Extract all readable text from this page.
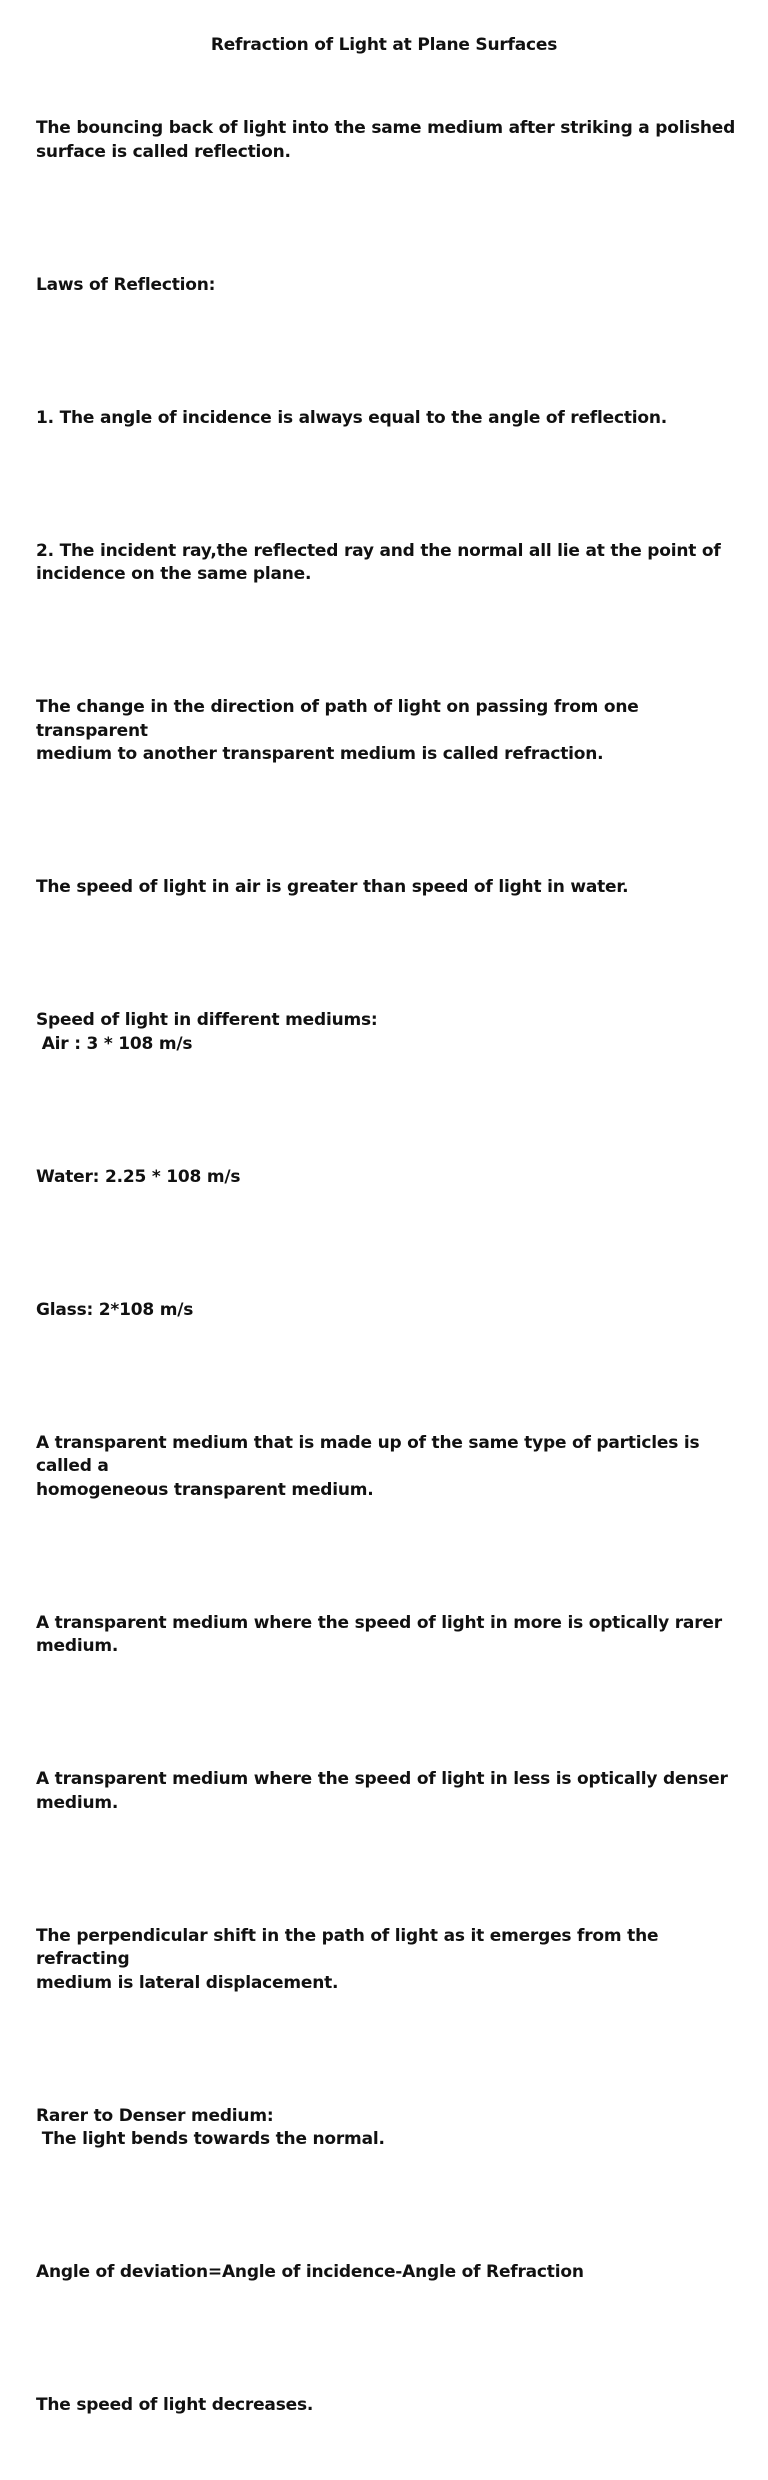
Refraction of Light at Plane Surfaces

The bouncing back of light into the same medium after striking a polished
surface is called reflection.

Laws of Reflection:

1. The angle of incidence is always equal to the angle of reflection.

2. The incident ray,the reflected ray and the normal all lie at the point of
incidence on the same plane.

The change in the direction of path of light on passing from one transparent
medium to another transparent medium is called refraction.

The speed of light in air is greater than speed of light in water.

Speed of light in different mediums:
Air : 3 * 108 m/s

Water: 2.25 * 108 m/s

Glass: 2*108 m/s

A transparent medium that is made up of the same type of particles is called a
homogeneous transparent medium.

A transparent medium where the speed of light in more is optically rarer
medium.

A transparent medium where the speed of light in less is optically denser
medium.

The perpendicular shift in the path of light as it emerges from the refracting
medium is lateral displacement.

Rarer to Denser medium:
The light bends towards the normal.

Angle of deviation=Angle of incidence-Angle of Refraction

The speed of light decreases.
